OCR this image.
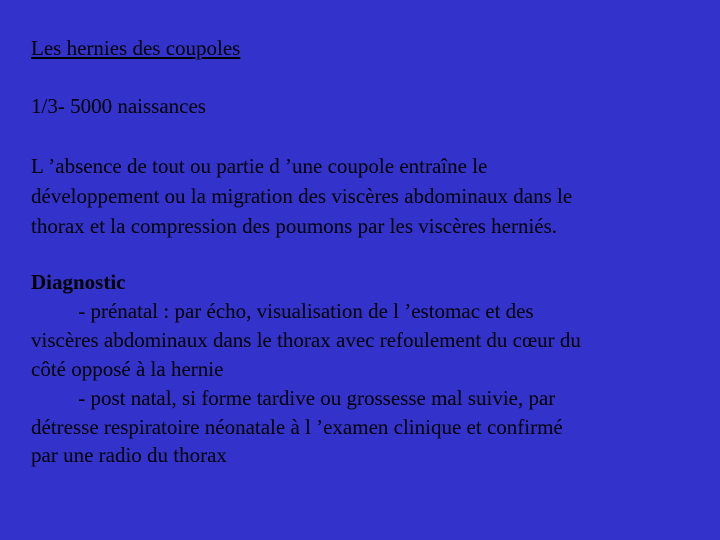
Les hernies des coupoles
1/3- 5000 naissances
L ’absence de tout ou partie d ’une coupole entraîne le
développement ou la migration des viscères abdominaux dans le
thorax et la compression des poumons par les viscères herniés.
Diagnostic
- prénatal : par écho, visualisation de l ’estomac et des
viscères abdominaux dans le thorax avec refoulement du cœur du
côté opposé à la hernie
- post natal, si forme tardive ou grossesse mal suivie, par
détresse respiratoire néonatale à l ’examen clinique et confirmé
par une radio du thorax
